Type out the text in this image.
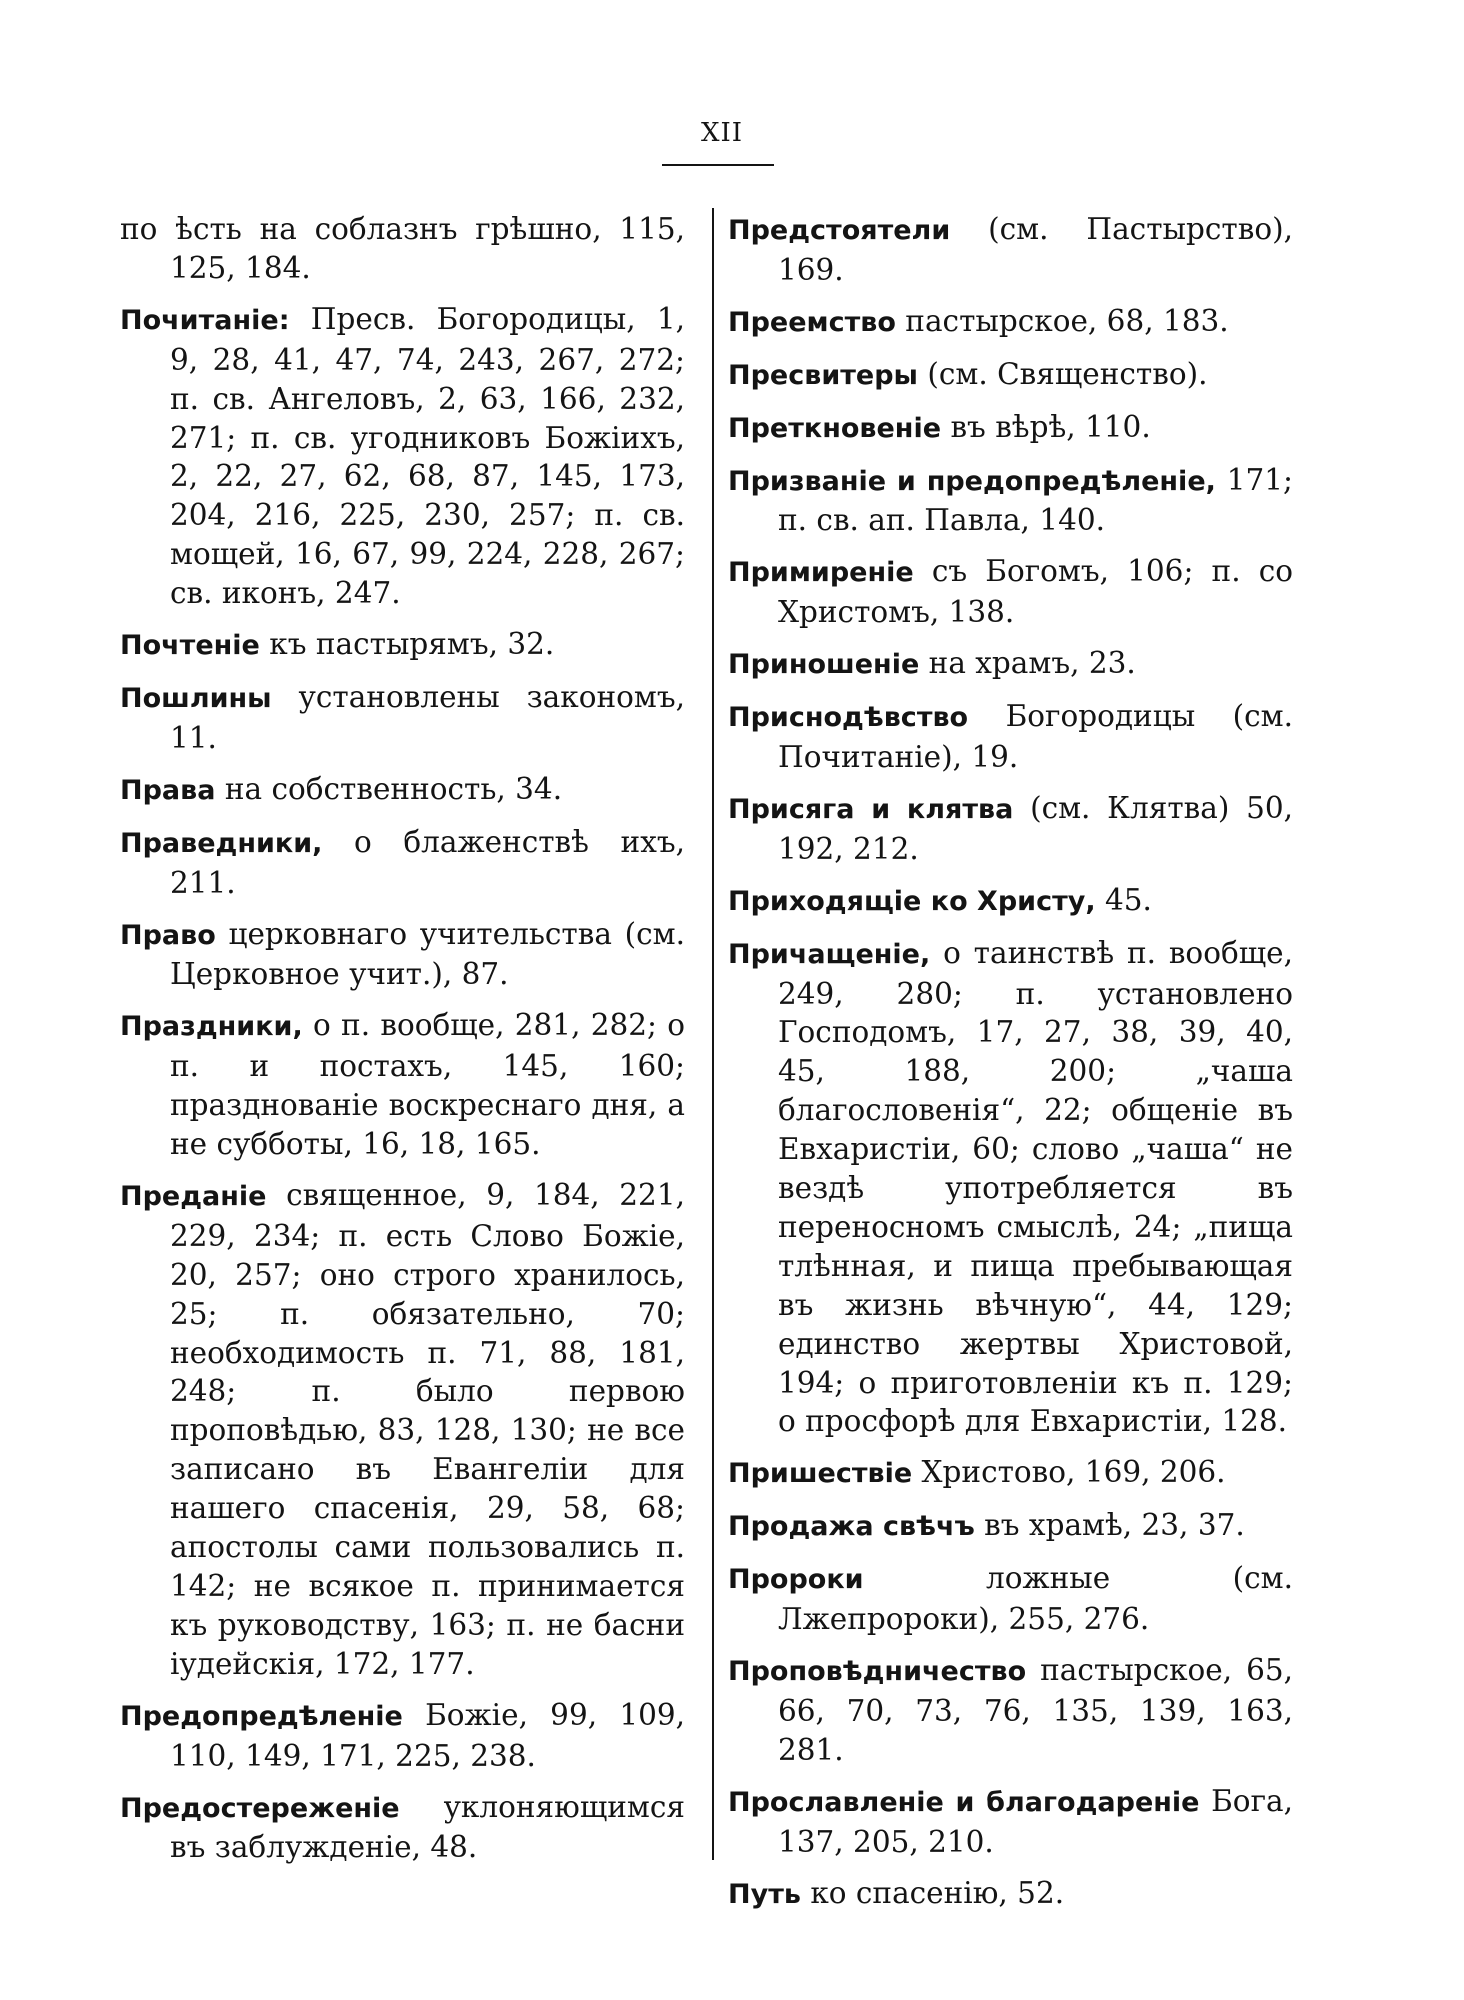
XII
по ѣсть на соблазнъ грѣшно, 115, 125, 184.
Почитаніе: Пресв. Богородицы, 1, 9, 28, 41, 47, 74, 243, 267, 272; п. св. Ангеловъ, 2, 63, 166, 232, 271; п. св. угодниковъ Божіихъ, 2, 22, 27, 62, 68, 87, 145, 173, 204, 216, 225, 230, 257; п. св. мощей, 16, 67, 99, 224, 228, 267; св. иконъ, 247.
Почтеніе къ пастырямъ, 32.
Пошлины установлены закономъ, 11.
Права на собственность, 34.
Праведники, о блаженствѣ ихъ, 211.
Право церковнаго учительства (см. Церковное учит.), 87.
Праздники, о п. вообще, 281, 282; о п. и постахъ, 145, 160; празднованіе воскреснаго дня, а не субботы, 16, 18, 165.
Преданіе священное, 9, 184, 221, 229, 234; п. есть Слово Божіе, 20, 257; оно строго хранилось, 25; п. обязательно, 70; необходимость п. 71, 88, 181, 248; п. было первою проповѣдью, 83, 128, 130; не все записано въ Евангеліи для нашего спасенія, 29, 58, 68; апостолы сами пользовались п. 142; не всякое п. принимается къ руководству, 163; п. не басни іудейскія, 172, 177.
Предопредѣленіе Божіе, 99, 109, 110, 149, 171, 225, 238.
Предостереженіе уклоняющимся въ заблужденіе, 48.
Предстоятели (см. Пастырство), 169.
Преемство пастырское, 68, 183.
Пресвитеры (см. Священство).
Преткновеніе въ вѣрѣ, 110.
Призваніе и предопредѣленіе, 171; п. св. ап. Павла, 140.
Примиреніе съ Богомъ, 106; п. со Христомъ, 138.
Приношеніе на храмъ, 23.
Приснодѣвство Богородицы (см. Почитаніе), 19.
Присяга и клятва (см. Клятва) 50, 192, 212.
Приходящіе ко Христу, 45.
Причащеніе, о таинствѣ п. вообще, 249, 280; п. установлено Господомъ, 17, 27, 38, 39, 40, 45, 188, 200; „чаша благословенія“, 22; общеніе въ Евхаристіи, 60; слово „чаша“ не вездѣ употребляется въ переносномъ смыслѣ, 24; „пища тлѣнная, и пища пребывающая въ жизнь вѣчную“, 44, 129; единство жертвы Христовой, 194; о приготовленіи къ п. 129; о просфорѣ для Евхаристіи, 128.
Пришествіе Христово, 169, 206.
Продажа свѣчъ въ храмѣ, 23, 37.
Пророки	ложные (см. Лжепророки), 255, 276.
Проповѣдничество пастырское, 65, 66, 70, 73, 76, 135, 139, 163, 281.
Прославленіе и благодареніе Бога, 137, 205, 210.
Путь ко спасенію, 52.
